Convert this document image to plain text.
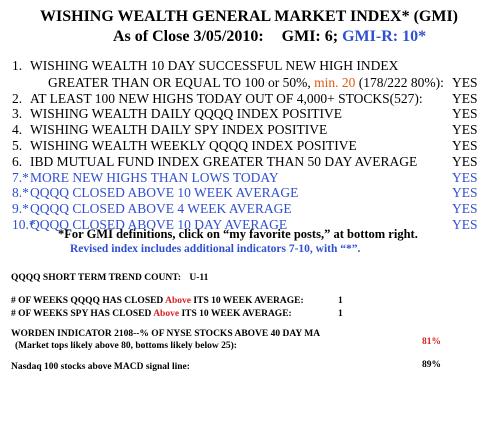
WISHING WEALTH GENERAL MARKET INDEX* (GMI)
As of Close 3/05/2010: GMI: 6; GMI-R: 10*
1. WISHING WEALTH 10 DAY SUCCESSFUL NEW HIGH INDEX
GREATER THAN OR EQUAL TO 100 or 50%, min. 20 (178/222 80%): YES
2. AT LEAST 100 NEW HIGHS TODAY OUT OF 4,000+ STOCKS(527): YES
3. WISHING WEALTH DAILY QQQQ INDEX POSITIVE	YES
4. WISHING WEALTH DAILY SPY INDEX POSITIVE	YES
5. WISHING WEALTH WEEKLY QQQQ INDEX POSITIVE	YES
6. IBD MUTUAL FUND INDEX GREATER THAN 50 DAY AVERAGE	YES
7.*MORE NEW HIGHS THAN LOWS TODAY	YES
8.*QQQQ CLOSED ABOVE 10 WEEK AVERAGE	YES
9.*QQQQ CLOSED ABOVE 4 WEEK AVERAGE	YES
10.*QQQQ CLOSED ABOVE 10 DAY AVERAGE	YES
*For GMI definitions, click on “my favorite posts,” at bottom right.
Revised index includes additional indicators 7-10, with “*”.
QQQQ SHORT TERM TREND COUNT: U-11
# OF WEEKS QQQQ HAS CLOSED Above ITS 10 WEEK AVERAGE:	1
# OF WEEKS SPY HAS CLOSED Above ITS 10 WEEK AVERAGE:	1
WORDEN INDICATOR 2108--% OF NYSE STOCKS ABOVE 40 DAY MA
(Market tops likely above 80, bottoms likely below 25):	81%
Nasdaq 100 stocks above MACD signal line:	89%
